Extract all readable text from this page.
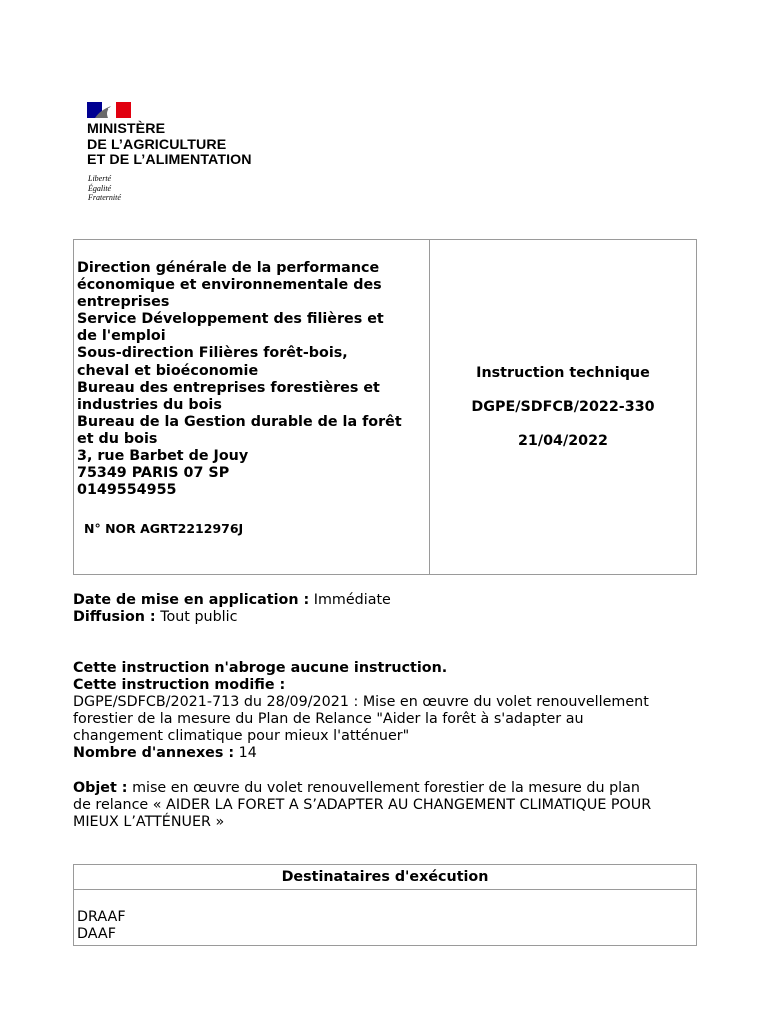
MINISTÈRE
DE L’AGRICULTURE
ET DE L’ALIMENTATION
Liberté
Égalité
Fraternité
Direction générale de la performance
économique et environnementale des
entreprises
Service Développement des filières et
de l'emploi
Sous-direction Filières forêt-bois,
cheval et bioéconomie
Bureau des entreprises forestières et
industries du bois
Bureau de la Gestion durable de la forêt
et du bois
3, rue Barbet de Jouy
75349 PARIS 07 SP
0149554955
N° NOR AGRT2212976J
Instruction technique
DGPE/SDFCB/2022-330
21/04/2022
Date de mise en application : Immédiate
Diffusion : Tout public
Cette instruction n'abroge aucune instruction.
Cette instruction modifie :
DGPE/SDFCB/2021-713 du 28/09/2021 : Mise en œuvre du volet renouvellement
forestier de la mesure du Plan de Relance "Aider la forêt à s'adapter au
changement climatique pour mieux l'atténuer"
Nombre d'annexes : 14
Objet : mise en œuvre du volet renouvellement forestier de la mesure du plan
de relance « AIDER LA FORET A S’ADAPTER AU CHANGEMENT CLIMATIQUE POUR
MIEUX L’ATTÉNUER »
Destinataires d'exécution
DRAAF
DAAF
